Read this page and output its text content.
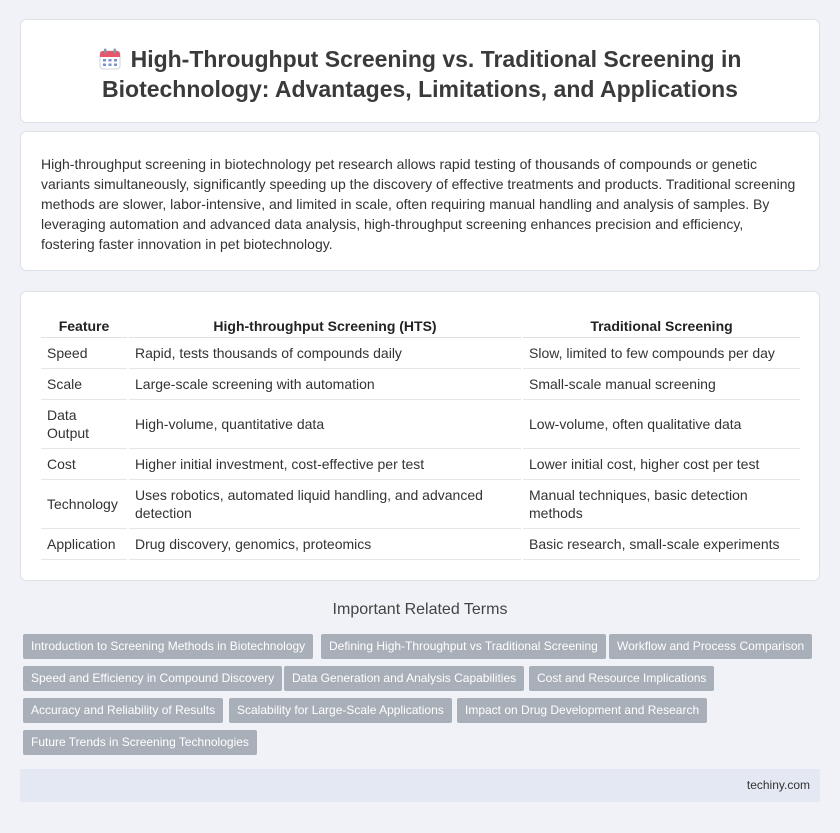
High-Throughput Screening vs. Traditional Screening in Biotechnology: Advantages, Limitations, and Applications

High-throughput screening in biotechnology pet research allows rapid testing of thousands of compounds or genetic variants simultaneously, significantly speeding up the discovery of effective treatments and products. Traditional screening methods are slower, labor-intensive, and limited in scale, often requiring manual handling and analysis of samples. By leveraging automation and advanced data analysis, high-throughput screening enhances precision and efficiency, fostering faster innovation in pet biotechnology.

Feature	High-throughput Screening (HTS)	Traditional Screening
Speed	Rapid, tests thousands of compounds daily	Slow, limited to few compounds per day
Scale	Large-scale screening with automation	Small-scale manual screening
Data Output	High-volume, quantitative data	Low-volume, often qualitative data
Cost	Higher initial investment, cost-effective per test	Lower initial cost, higher cost per test
Technology	Uses robotics, automated liquid handling, and advanced detection	Manual techniques, basic detection methods
Application	Drug discovery, genomics, proteomics	Basic research, small-scale experiments
Important Related Terms
Introduction to Screening Methods in Biotechnology	Defining High-Throughput vs Traditional Screening	Workflow and Process Comparison
Speed and Efficiency in Compound Discovery	Data Generation and Analysis Capabilities	Cost and Resource Implications
Accuracy and Reliability of Results	Scalability for Large-Scale Applications	Impact on Drug Development and Research
Future Trends in Screening Technologies
techiny.com
